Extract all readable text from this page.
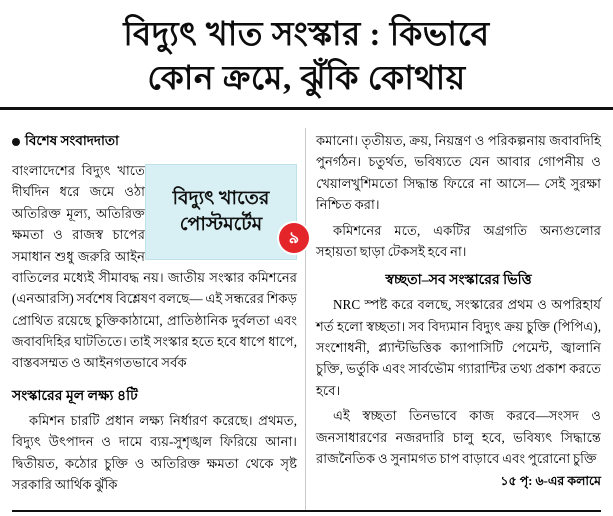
বিদ্যুৎ খাত সংস্কার : কিভাবে
কোন ক্রমে, ঝুঁকি কোথায়
বিশেষ সংবাদদাতা
বিদ্যুৎ খাতের
পোস্টমর্টেম
৯

বাংলাদেশের বিদ্যুৎ খাতে দীর্ঘদিন ধরে জমে ওঠা অতিরিক্ত মূল্য, অতিরিক্ত ক্ষমতা ও রাজস্ব চাপের সমাধান শুধু জরুরি আইন বাতিলের মধ্যেই সীমাবদ্ধ নয়। জাতীয় সংস্কার কমিশনের (এনআরসি) সর্বশেষ বিশ্লেষণ বলছে— এই সন্ধরের শিকড় প্রোথিত রয়েছে চুক্তিকাঠামো, প্রাতিষ্ঠানিক দুর্বলতা এবং জবাবদিহির ঘাটতিতে। তাই সংস্কার হতে হবে ধাপে ধাপে, বাস্তবসম্মত ও আইনগতভাবে সর্বক

সংস্কারের মূল লক্ষ্য ৪টি

কমিশন চারটি প্রধান লক্ষ্য নির্ধারণ করেছে। প্রথমত, বিদ্যুৎ উৎপাদন ও দামে ব্যয়-সুশৃঙ্খল ফিরিয়ে আনা। দ্বিতীয়ত, কঠোর চুক্তি ও অতিরিক্ত ক্ষমতা থেকে সৃষ্ট সরকারি আর্থিক ঝুঁকি

কমানো। তৃতীয়ত, ক্রয়, নিয়ন্ত্রণ ও পরিকল্পনায় জবাবদিহি পুনর্গঠন। চতুর্থত, ভবিষ্যতে যেন আবার গোপনীয় ও খেয়ালখুশিমতো সিদ্ধান্ত ফিরেে না আসে— সেই সুরক্ষা নিশ্চিত করা।

কমিশনের মতে, একটির অগ্রগতি অন্যগুলোর সহায়তা ছাড়া টেকসই হবে না।

স্বচ্ছতা–সব সংস্কারের ভিত্তি

NRC স্পষ্ট করে বলছে, সংস্কারের প্রথম ও অপরিহার্য শর্ত হলো স্বচ্ছতা। সব বিদ্যমান বিদ্যুৎ ক্রয় চুক্তি (পিপিএ), সংশোধনী, প্ল্যান্টভিত্তিক ক্যাপাসিটি পেমেন্ট, জ্বালানি চুক্তি, ভর্তুকি এবং সার্বভৌম গ্যারান্টির তথ্য প্রকাশ করতে হবে।

এই স্বচ্ছতা তিনভাবে কাজ করবে—সংসদ ও জনসাধারণের নজরদারি চালু হবে, ভবিষ্যৎ সিদ্ধান্তে রাজনৈতিক ও সুনামগত চাপ বাড়াবে এবং পুরোনো চুক্তি

১৫ পৃ: ৬-এর কলামে
